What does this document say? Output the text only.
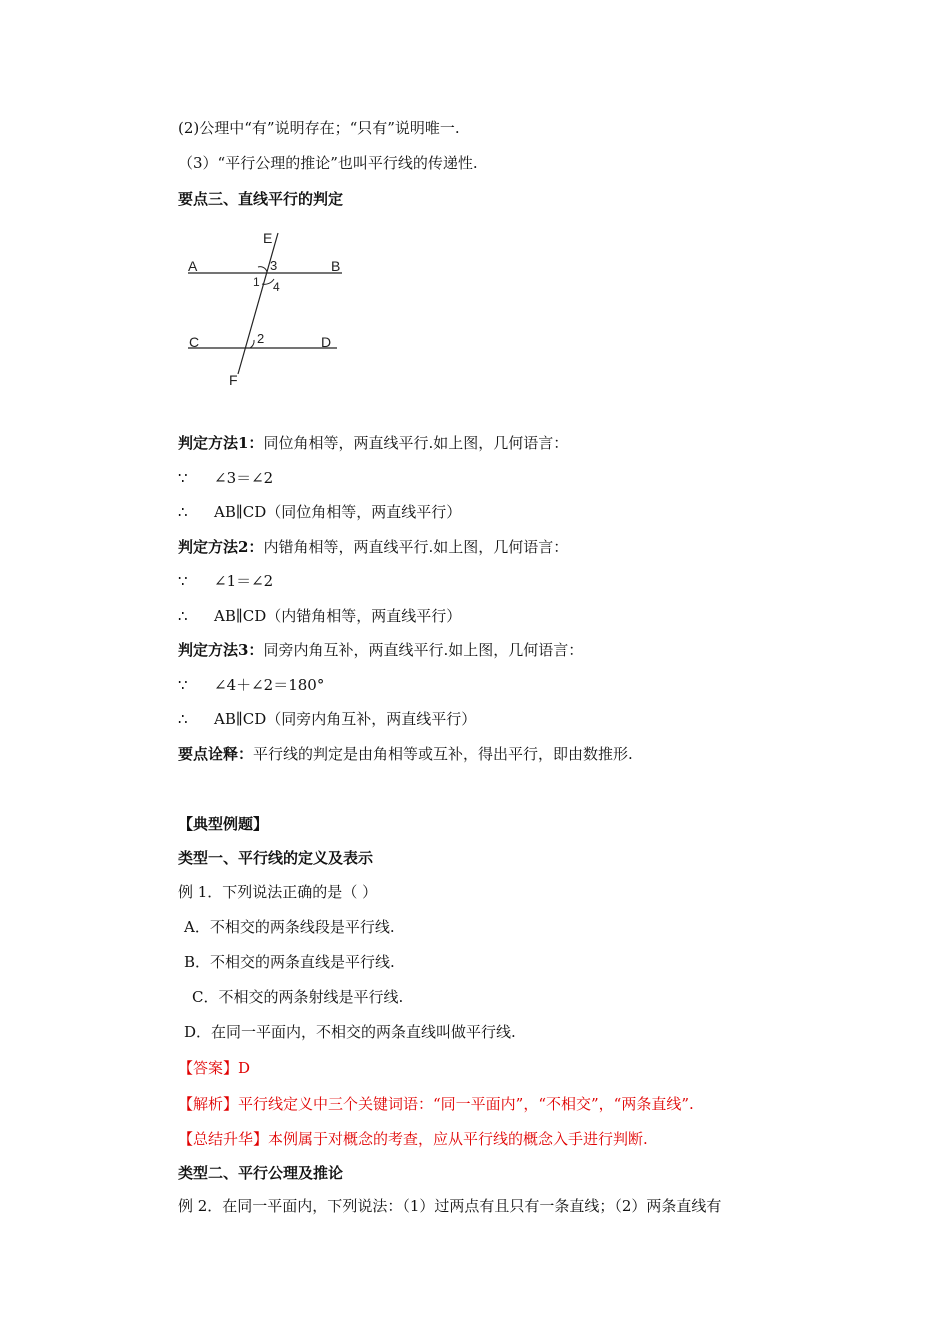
(2)公理中“有”说明存在；“只有”说明唯一.
（3）“平行公理的推论”也叫平行线的传递性.
要点三、直线平行的判定
A	B
C	D
E
F
1
3
4
2
判定方法1：同位角相等，两直线平行.如上图，几何语言：
∵ ∠3＝∠2
∴ AB∥CD（同位角相等，两直线平行）
判定方法2：内错角相等，两直线平行.如上图，几何语言：
∵ ∠1＝∠2
∴ AB∥CD（内错角相等，两直线平行）
判定方法3：同旁内角互补，两直线平行.如上图，几何语言：
∵ ∠4＋∠2＝180°
∴ AB∥CD（同旁内角互补，两直线平行）
要点诠释：平行线的判定是由角相等或互补，得出平行，即由数推形.
【典型例题】
类型一、平行线的定义及表示
例 1．下列说法正确的是（ ）
A．不相交的两条线段是平行线.
B．不相交的两条直线是平行线.
C．不相交的两条射线是平行线.
D．在同一平面内，不相交的两条直线叫做平行线.
【答案】D
【解析】平行线定义中三个关键词语：“同一平面内”，“不相交”，“两条直线”.
【总结升华】本例属于对概念的考查，应从平行线的概念入手进行判断.
类型二、平行公理及推论
例 2．在同一平面内，下列说法：（1）过两点有且只有一条直线；（2）两条直线有
